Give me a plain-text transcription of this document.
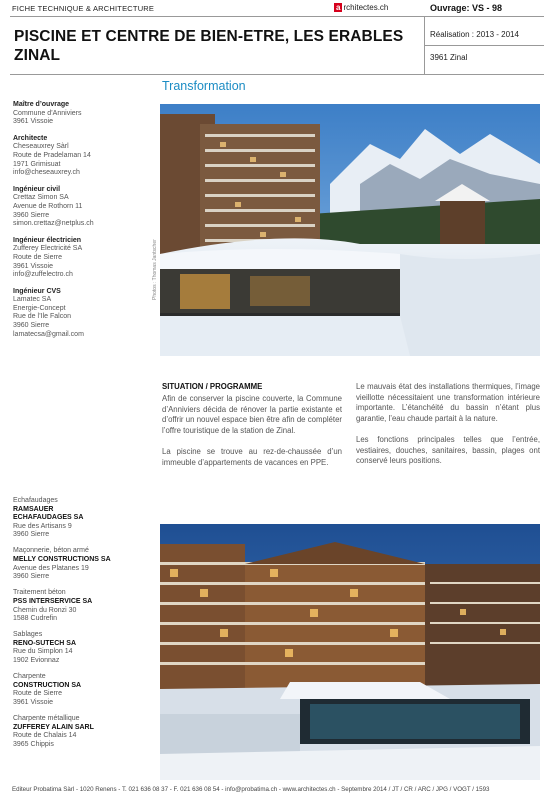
FICHE TECHNIQUE & ARCHITECTURE	a rchitectes.ch	Ouvrage: VS - 98
PISCINE ET CENTRE DE BIEN-ETRE, LES ERABLES
ZINAL
Réalisation : 2013 - 2014
3961 Zinal
Transformation
Maître d’ouvrage
Commune d’Anniviers
3961 Vissoie
Architecte
Cheseauxrey Sàrl
Route de Pradelaman 14
1971 Grimisuat
info@cheseauxrey.ch
Ingénieur civil
Crettaz Simon SA
Avenue de Rothorn 11
3960 Sierre
simon.crettaz@netplus.ch
Ingénieur électricien
Zufferey Electricité SA
Route de Sierre
3961 Vissoie
info@zuffelectro.ch
Ingénieur CVS
Lamatec SA
Energie-Concept
Rue de l’Ile Falcon
3960 Sierre
lamatecsa@gmail.com
Photos : Thomas Jantscher
SITUATION / PROGRAMME

Afin de conserver la piscine couverte, la Commune d’Anniviers décida de rénover la partie existante et d’offrir un nouvel espace bien être afin de compléter l’offre touristique de la station de Zinal.

La piscine se trouve au rez-de-chaussée d’un immeuble d’appartements de vacances en PPE.

Le mauvais état des installations thermiques, l’image vieillotte nécessitaient une transformation intérieure importante. L’étanchéité du bassin n’étant plus garantie, l’eau chaude partait à la nature.

Les fonctions principales telles que l’entrée, vestiaires, douches, sanitaires, bassin, plages ont conservé leurs positions.

Echafaudages
RAMSAUER
ECHAFAUDAGES SA
Rue des Artisans 9
3960 Sierre
Maçonnerie, béton armé
MELLY CONSTRUCTIONS SA
Avenue des Platanes 19
3960 Sierre
Traitement béton
PSS INTERSERVICE SA
Chemin du Ronzi 30
1588 Cudrefin
Sablages
RENO-SUTECH SA
Rue du Simplon 14
1902 Evionnaz
Charpente
CONSTRUCTION SA
Route de Sierre
3961 Vissoie
Charpente métallique
ZUFFEREY ALAIN SARL
Route de Chalais 14
3965 Chippis
Editeur Probatima Sàrl - 1020 Renens - T. 021 636 08 37 - F. 021 636 08 54 - info@probatima.ch - www.architectes.ch - Septembre 2014 / JT / CR / ARC / JPG / VOGT / 1593
